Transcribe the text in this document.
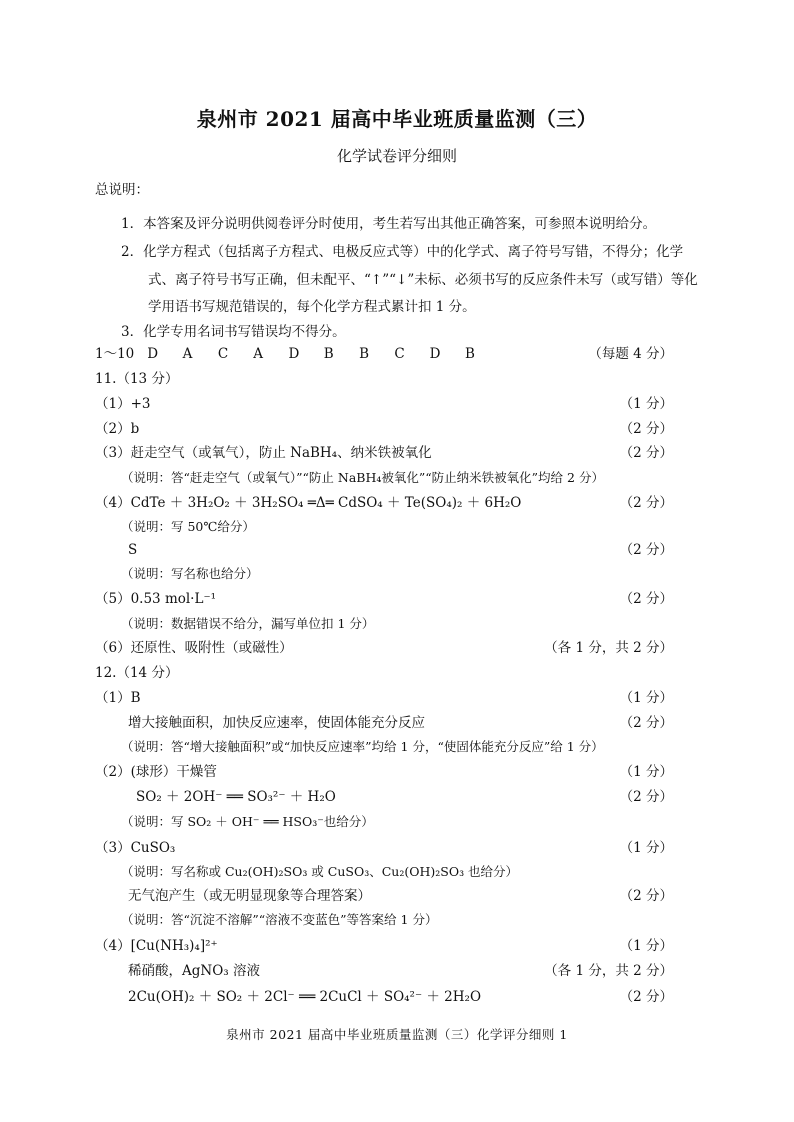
泉州市 2021 届高中毕业班质量监测（三）
化学试卷评分细则
总说明：
1．本答案及评分说明供阅卷评分时使用，考生若写出其他正确答案，可参照本说明给分。
2．化学方程式（包括离子方程式、电极反应式等）中的化学式、离子符号写错，不得分；化学
式、离子符号书写正确，但未配平、“↑”“↓”未标、必须书写的反应条件未写（或写错）等化
学用语书写规范错误的，每个化学方程式累计扣 1 分。
3．化学专用名词书写错误均不得分。
1～10 D A C A D B B C D B	（每题 4 分）
11.（13 分）
（1）+3	（1 分）
（2）b	（2 分）
（3）赶走空气（或氧气），防止 NaBH₄、纳米铁被氧化	（2 分）
（说明：答“赶走空气（或氧气）”“防止 NaBH₄被氧化”“防止纳米铁被氧化”均给 2 分）
（4）CdTe ＋ 3H₂O₂ ＋ 3H₂SO₄ ═Δ═ CdSO₄ ＋ Te(SO₄)₂ ＋ 6H₂O	（2 分）
（说明：写 50℃给分）
S	（2 分）
（说明：写名称也给分）
（5）0.53 mol·L⁻¹	（2 分）
（说明：数据错误不给分，漏写单位扣 1 分）
（6）还原性、吸附性（或磁性）	（各 1 分，共 2 分）
12.（14 分）
（1）B	（1 分）
增大接触面积，加快反应速率，使固体能充分反应	（2 分）
（说明：答“增大接触面积”或“加快反应速率”均给 1 分，“使固体能充分反应”给 1 分）
（2）(球形）干燥管	（1 分）
SO₂ ＋ 2OH⁻ ══ SO₃²⁻ ＋ H₂O	（2 分）
（说明：写 SO₂ ＋ OH⁻ ══ HSO₃⁻也给分）
（3）CuSO₃	（1 分）
（说明：写名称或 Cu₂(OH)₂SO₃ 或 CuSO₃、Cu₂(OH)₂SO₃ 也给分）
无气泡产生（或无明显现象等合理答案）	（2 分）
（说明：答“沉淀不溶解”“溶液不变蓝色”等答案给 1 分）
（4）[Cu(NH₃)₄]²⁺	（1 分）
稀硝酸，AgNO₃ 溶液	（各 1 分，共 2 分）
2Cu(OH)₂ ＋ SO₂ ＋ 2Cl⁻ ══ 2CuCl ＋ SO₄²⁻ ＋ 2H₂O	（2 分）
泉州市 2021 届高中毕业班质量监测（三）化学评分细则 1
